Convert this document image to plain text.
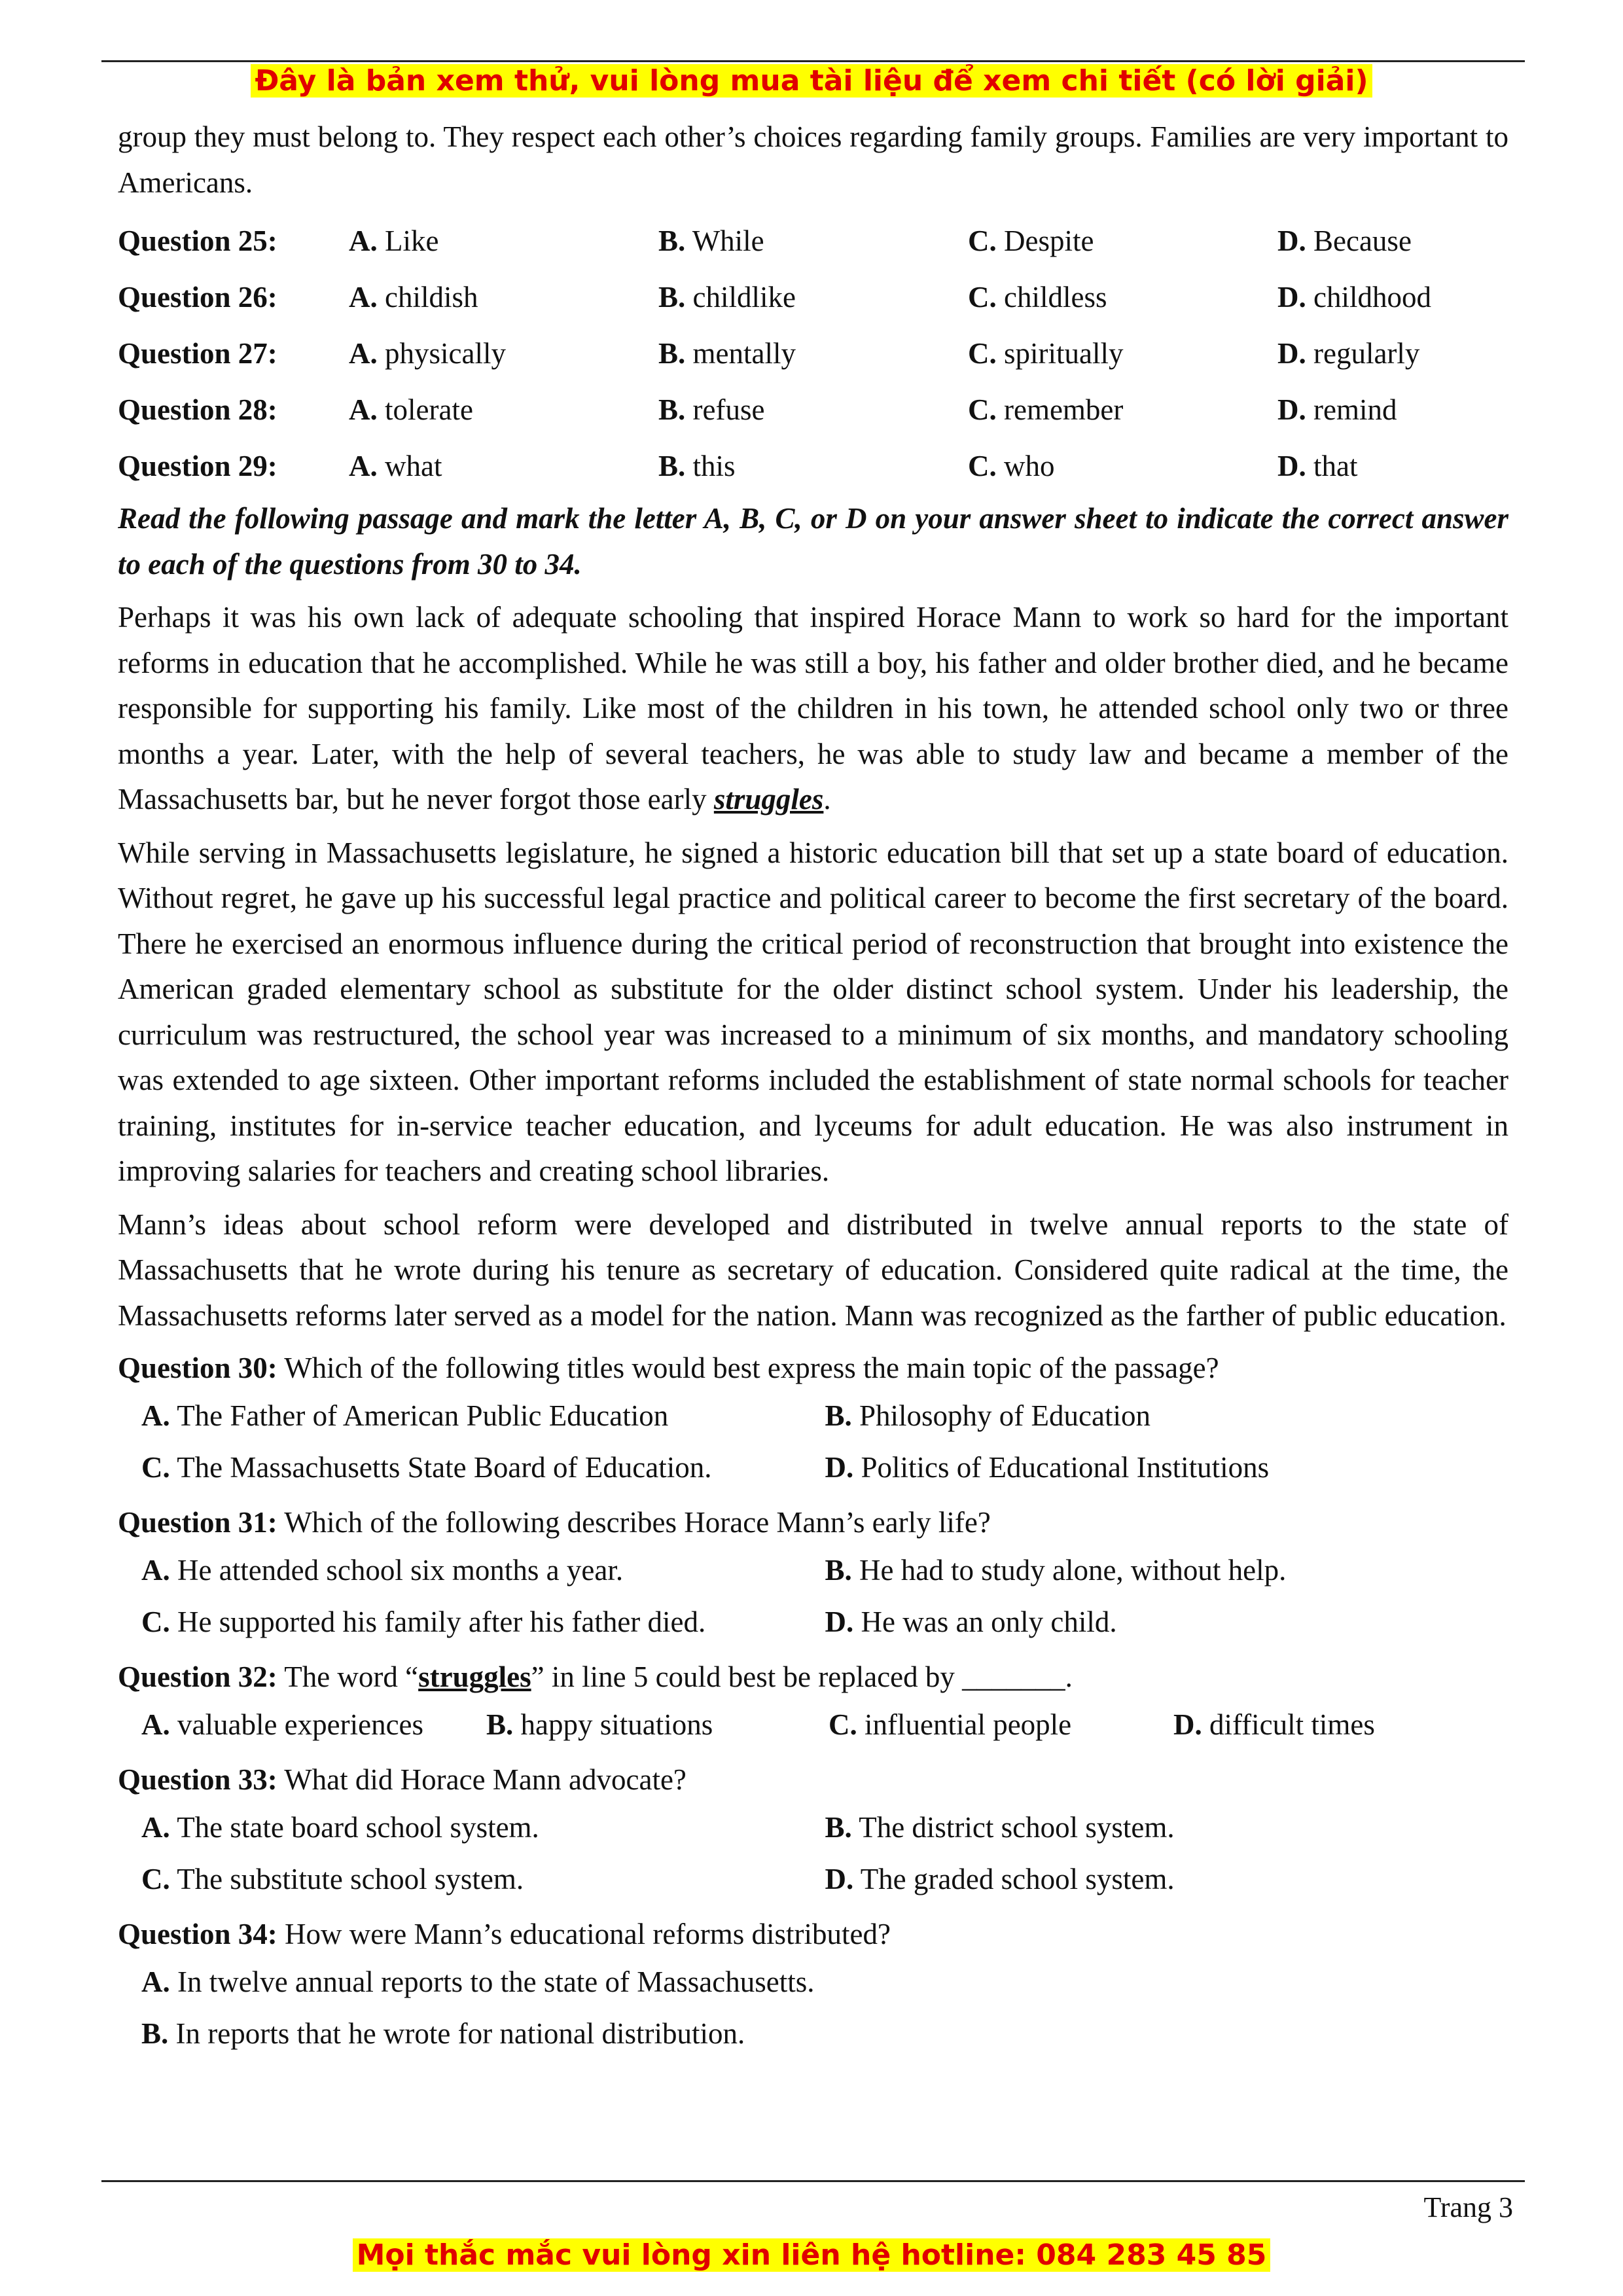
Đây là bản xem thử, vui lòng mua tài liệu để xem chi tiết (có lời giải)

group they must belong to. They respect each other’s choices regarding family groups. Families are very important to Americans.

Question 25:	A. Like	B. While	C. Despite	D. Because
Question 26:	A. childish	B. childlike	C. childless	D. childhood
Question 27:	A. physically	B. mentally	C. spiritually	D. regularly
Question 28:	A. tolerate	B. refuse	C. remember	D. remind
Question 29:	A. what	B. this	C. who	D. that

Read the following passage and mark the letter A, B, C, or D on your answer sheet to indicate the correct answer to each of the questions from 30 to 34.

Perhaps it was his own lack of adequate schooling that inspired Horace Mann to work so hard for the important reforms in education that he accomplished. While he was still a boy, his father and older brother died, and he became responsible for supporting his family. Like most of the children in his town, he attended school only two or three months a year. Later, with the help of several teachers, he was able to study law and became a member of the Massachusetts bar, but he never forgot those early struggles.

While serving in Massachusetts legislature, he signed a historic education bill that set up a state board of education. Without regret, he gave up his successful legal practice and political career to become the first secretary of the board. There he exercised an enormous influence during the critical period of reconstruction that brought into existence the American graded elementary school as substitute for the older distinct school system. Under his leadership, the curriculum was restructured, the school year was increased to a minimum of six months, and mandatory schooling was extended to age sixteen. Other important reforms included the establishment of state normal schools for teacher training, institutes for in-service teacher education, and lyceums for adult education. He was also instrument in improving salaries for teachers and creating school libraries.

Mann’s ideas about school reform were developed and distributed in twelve annual reports to the state of Massachusetts that he wrote during his tenure as secretary of education. Considered quite radical at the time, the Massachusetts reforms later served as a model for the nation. Mann was recognized as the farther of public education.

Question 30: Which of the following titles would best express the main topic of the passage?
A. The Father of American Public Education	B. Philosophy of Education
C. The Massachusetts State Board of Education.	D. Politics of Educational Institutions
Question 31: Which of the following describes Horace Mann’s early life?
A. He attended school six months a year.	B. He had to study alone, without help.
C. He supported his family after his father died.	D. He was an only child.
Question 32: The word “struggles” in line 5 could best be replaced by _______.
A. valuable experiences	B. happy situations	C. influential people	D. difficult times
Question 33: What did Horace Mann advocate?
A. The state board school system.	B. The district school system.
C. The substitute school system.	D. The graded school system.
Question 34: How were Mann’s educational reforms distributed?
A. In twelve annual reports to the state of Massachusetts.
B. In reports that he wrote for national distribution.
Trang 3
Mọi thắc mắc vui lòng xin liên hệ hotline: 084 283 45 85
